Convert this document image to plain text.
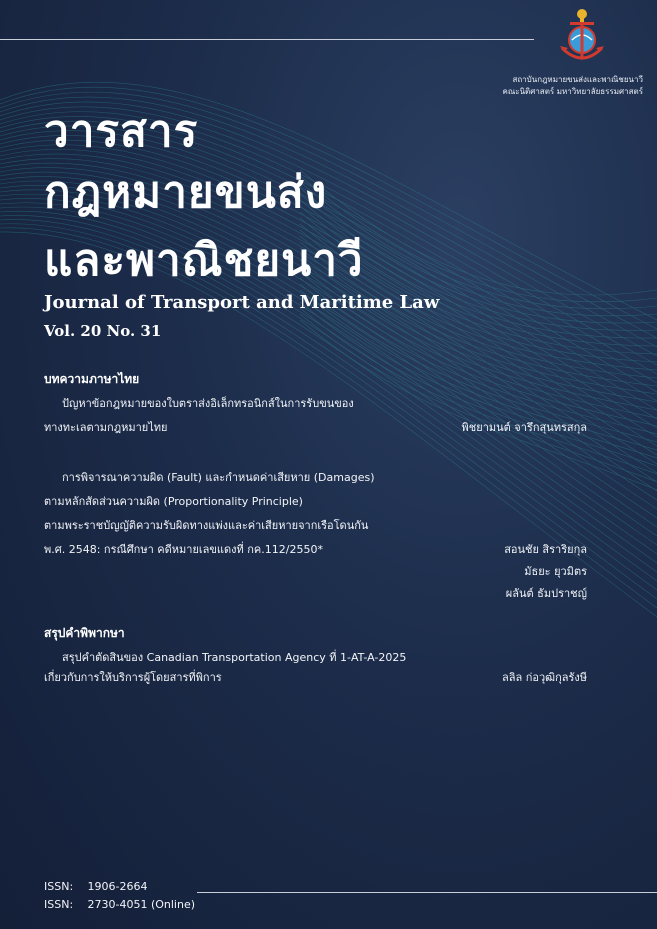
สถาบันกฎหมายขนส่งและพาณิชยนาวี
คณะนิติศาสตร์ มหาวิทยาลัยธรรมศาสตร์
วารสาร
กฎหมายขนส่ง
และพาณิชยนาวี
Journal of Transport and Maritime Law
Vol. 20 No. 31
บทความภาษาไทย
ปัญหาข้อกฎหมายของใบตราส่งอิเล็กทรอนิกส์ในการรับขนของ
ทางทะเลตามกฎหมายไทย	พิชยามนต์ จารึกสุนทรสกุล
การพิจารณาความผิด (Fault) และกำหนดค่าเสียหาย (Damages)
ตามหลักสัดส่วนความผิด (Proportionality Principle)
ตามพระราชบัญญัติความรับผิดทางแพ่งและค่าเสียหายจากเรือโดนกัน
พ.ศ. 2548: กรณีศึกษา คดีหมายเลขแดงที่ กค.112/2550*	สอนชัย สิราริยกุล
มัธยะ ยุวมิตร
ผลันต์ ธัมปราชญ์
สรุปคำพิพากษา
สรุปคำตัดสินของ Canadian Transportation Agency ที่ 1-AT-A-2025
เกี่ยวกับการให้บริการผู้โดยสารที่พิการ	ลลิล ก่อวุฒิกุลรังษี
ISSN: 1906-2664
ISSN: 2730-4051 (Online)
